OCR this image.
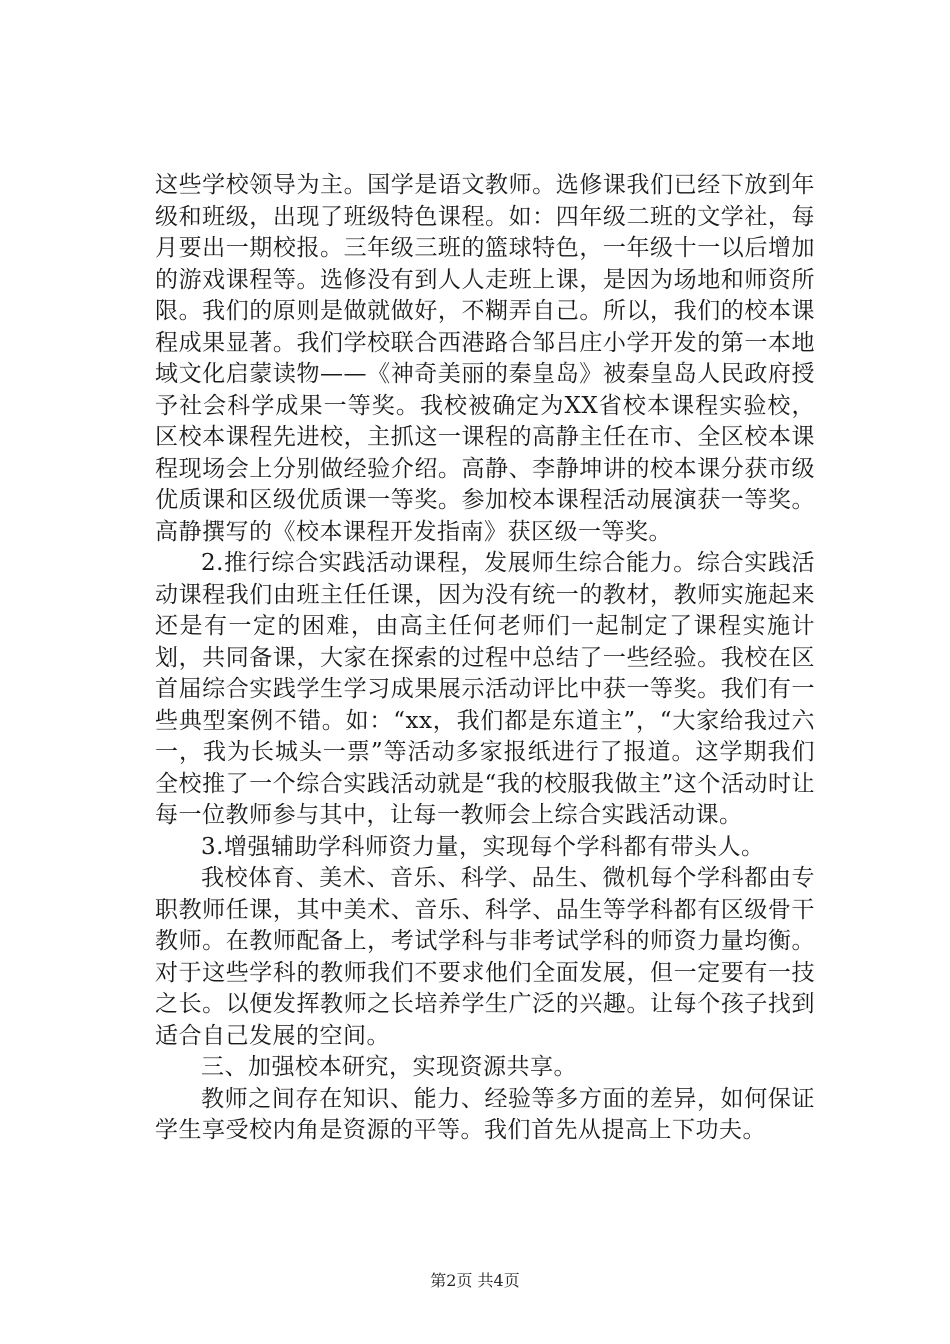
这些学校领导为主。国学是语文教师。选修课我们已经下放到年级和班级，出现了班级特色课程。如：四年级二班的文学社，每月要出一期校报。三年级三班的篮球特色，一年级十一以后增加的游戏课程等。选修没有到人人走班上课，是因为场地和师资所限。我们的原则是做就做好，不糊弄自己。所以，我们的校本课程成果显著。我们学校联合西港路合邹吕庄小学开发的第一本地域文化启蒙读物——《神奇美丽的秦皇岛》被秦皇岛人民政府授予社会科学成果一等奖。我校被确定为XX省校本课程实验校，区校本课程先进校，主抓这一课程的高静主任在市、全区校本课程现场会上分别做经验介绍。高静、李静坤讲的校本课分获市级优质课和区级优质课一等奖。参加校本课程活动展演获一等奖。高静撰写的《校本课程开发指南》获区级一等奖。

2.推行综合实践活动课程，发展师生综合能力。综合实践活动课程我们由班主任任课，因为没有统一的教材，教师实施起来还是有一定的困难，由高主任何老师们一起制定了课程实施计划，共同备课，大家在探索的过程中总结了一些经验。我校在区首届综合实践学生学习成果展示活动评比中获一等奖。我们有一些典型案例不错。如：“xx，我们都是东道主”，“大家给我过六一，我为长城头一票”等活动多家报纸进行了报道。这学期我们全校推了一个综合实践活动就是“我的校服我做主”这个活动时让每一位教师参与其中，让每一教师会上综合实践活动课。

3.增强辅助学科师资力量，实现每个学科都有带头人。

我校体育、美术、音乐、科学、品生、微机每个学科都由专职教师任课，其中美术、音乐、科学、品生等学科都有区级骨干教师。在教师配备上，考试学科与非考试学科的师资力量均衡。对于这些学科的教师我们不要求他们全面发展，但一定要有一技之长。以便发挥教师之长培养学生广泛的兴趣。让每个孩子找到适合自己发展的空间。

三、加强校本研究，实现资源共享。

教师之间存在知识、能力、经验等多方面的差异，如何保证学生享受校内角是资源的平等。我们首先从提高上下功夫。

第2页 共4页
